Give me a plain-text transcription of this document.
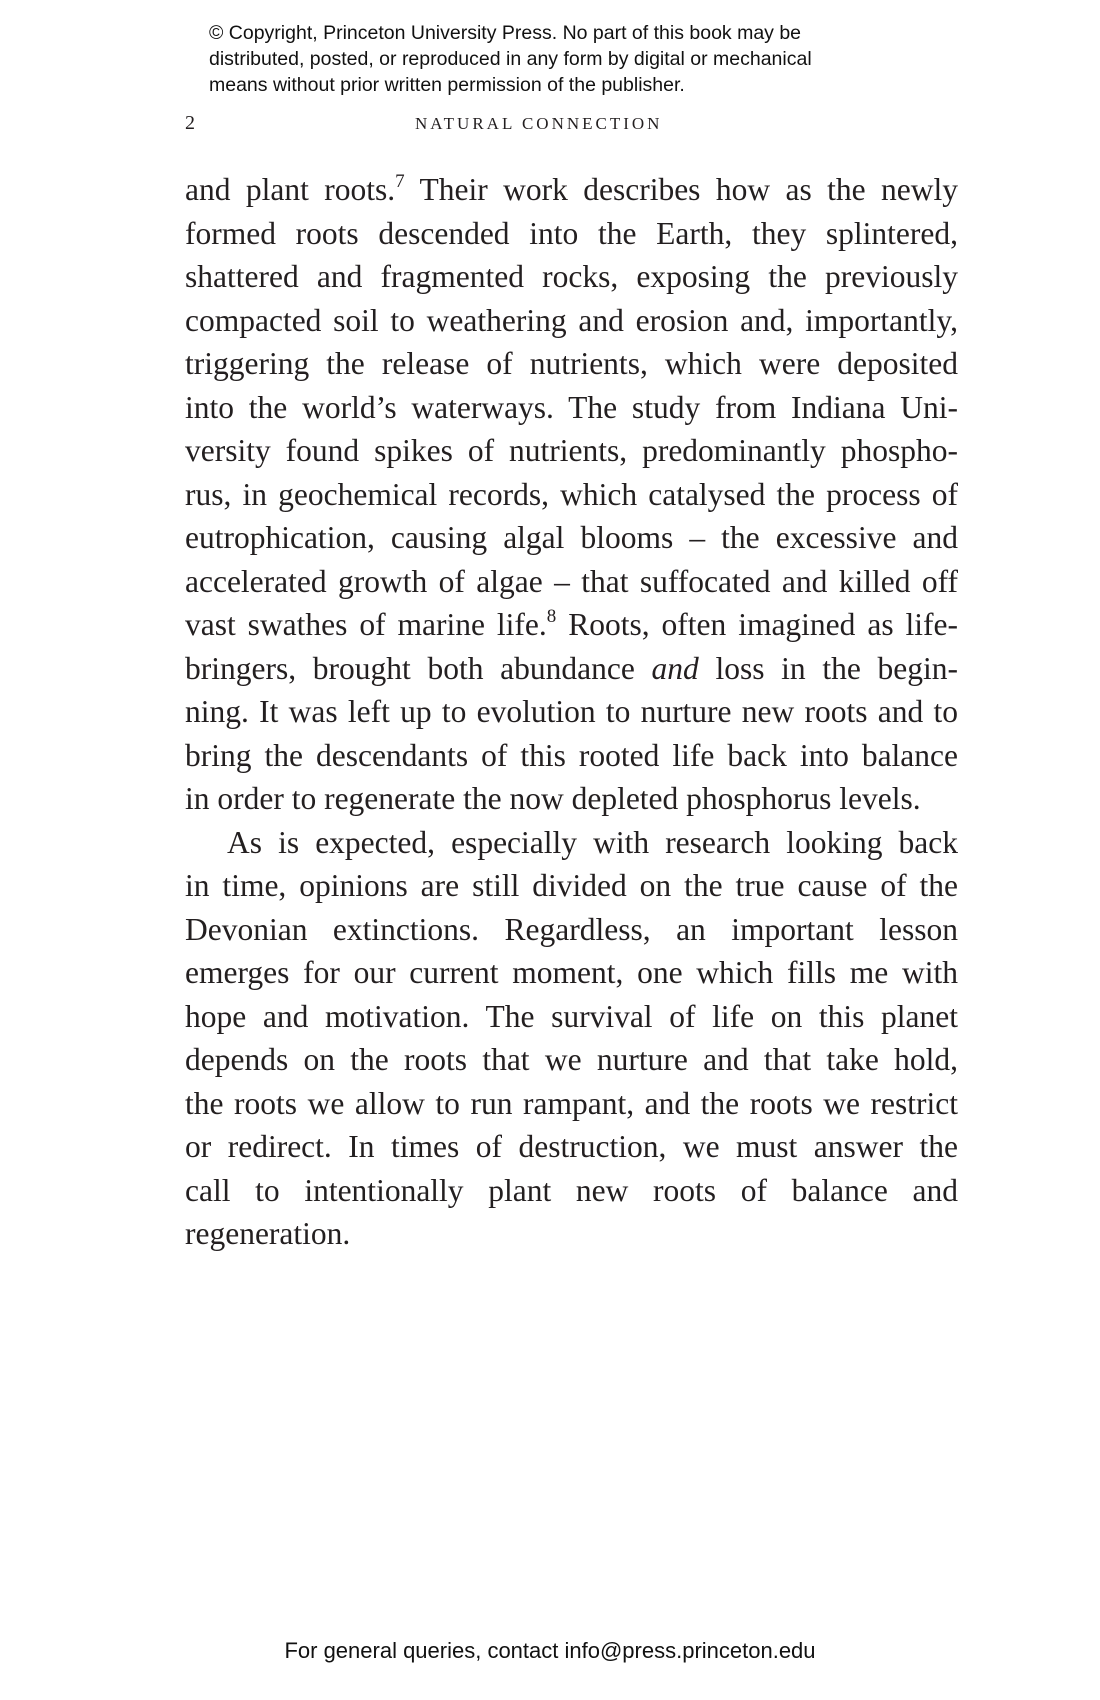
© Copyright, Princeton University Press. No part of this book may be
distributed, posted, or reproduced in any form by digital or mechanical
means without prior written permission of the publisher.
2	NATURAL CONNECTION
and plant roots.$^7$ Their work describes how as the newly
formed roots descended into the Earth, they splintered,
shattered and fragmented rocks, exposing the previously
compacted soil to weathering and erosion and, importantly,
triggering the release of nutrients, which were deposited
into the world’s waterways. The study from Indiana Uni-
versity found spikes of nutrients, predominantly phospho-
rus, in geochemical records, which catalysed the process of
eutrophication, causing algal blooms – the excessive and
accelerated growth of algae – that suffocated and killed off
vast swathes of marine life.$^8$ Roots, often imagined as life-
bringers, brought both abundance and loss in the begin-
ning. It was left up to evolution to nurture new roots and to
bring the descendants of this rooted life back into balance
in order to regenerate the now depleted phosphorus levels.
As is expected, especially with research looking back
in time, opinions are still divided on the true cause of the
Devonian extinctions. Regardless, an important lesson
emerges for our current moment, one which fills me with
hope and motivation. The survival of life on this planet
depends on the roots that we nurture and that take hold,
the roots we allow to run rampant, and the roots we restrict
or redirect. In times of destruction, we must answer the
call to intentionally plant new roots of balance and
regeneration.
For general queries, contact info@press.princeton.edu
